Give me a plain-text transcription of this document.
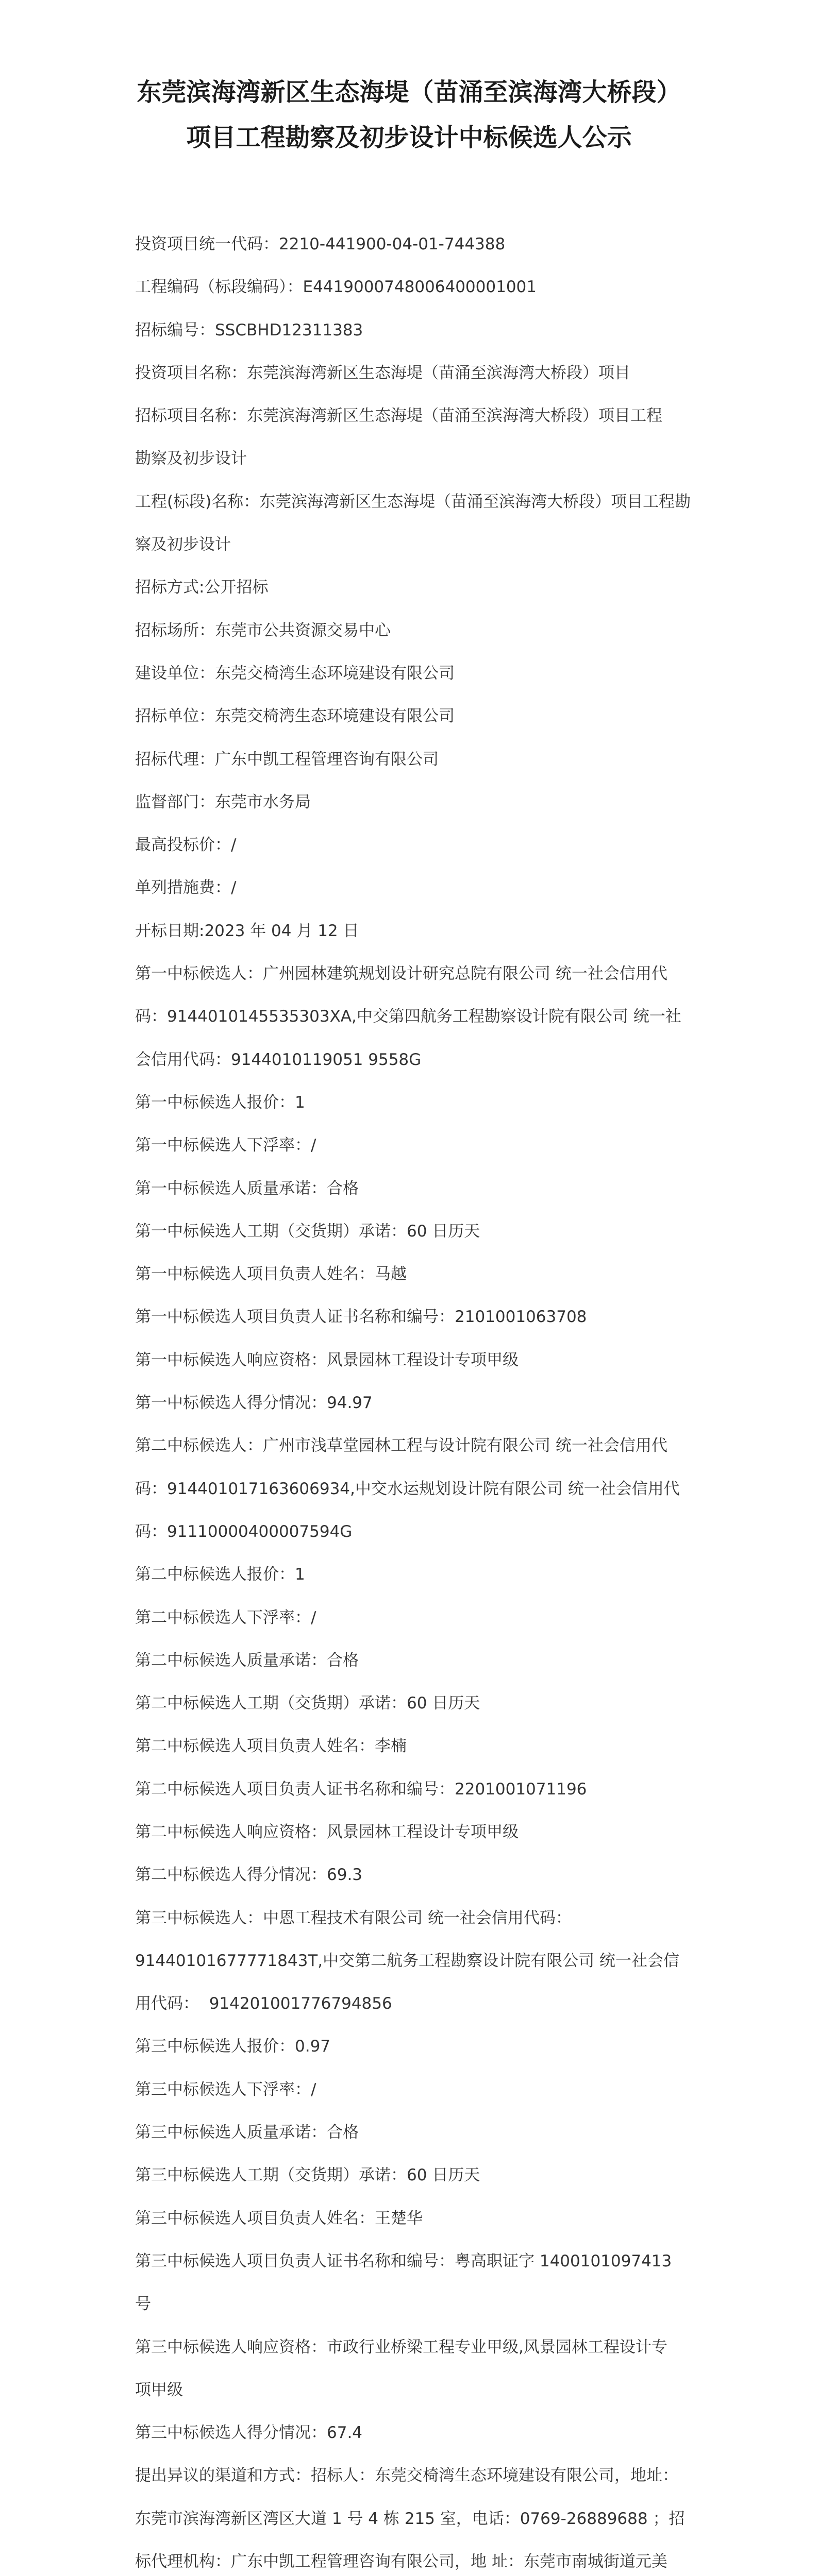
东莞滨海湾新区生态海堤（苗涌至滨海湾大桥段）
项目工程勘察及初步设计中标候选人公示

投资项目统一代码：2210-441900-04-01-744388

工程编码（标段编码）：E4419000748006400001001

招标编号：SSCBHD12311383

投资项目名称：东莞滨海湾新区生态海堤（苗涌至滨海湾大桥段）项目

招标项目名称：东莞滨海湾新区生态海堤（苗涌至滨海湾大桥段）项目工程

勘察及初步设计

工程(标段)名称：东莞滨海湾新区生态海堤（苗涌至滨海湾大桥段）项目工程勘

察及初步设计

招标方式:公开招标

招标场所：东莞市公共资源交易中心

建设单位：东莞交椅湾生态环境建设有限公司

招标单位：东莞交椅湾生态环境建设有限公司

招标代理：广东中凯工程管理咨询有限公司

监督部门：东莞市水务局

最高投标价：/

单列措施费：/

开标日期:2023 年 04 月 12 日

第一中标候选人：广州园林建筑规划设计研究总院有限公司 统一社会信用代

码：9144010145535303XA,中交第四航务工程勘察设计院有限公司 统一社

会信用代码：9144010119051 9558G

第一中标候选人报价：1

第一中标候选人下浮率：/

第一中标候选人质量承诺：合格

第一中标候选人工期（交货期）承诺：60 日历天

第一中标候选人项目负责人姓名：马越

第一中标候选人项目负责人证书名称和编号：2101001063708

第一中标候选人响应资格：风景园林工程设计专项甲级

第一中标候选人得分情况：94.97

第二中标候选人：广州市浅草堂园林工程与设计院有限公司 统一社会信用代

码：914401017163606934,中交水运规划设计院有限公司 统一社会信用代

码：91110000400007594G

第二中标候选人报价：1

第二中标候选人下浮率：/

第二中标候选人质量承诺：合格

第二中标候选人工期（交货期）承诺：60 日历天

第二中标候选人项目负责人姓名：李楠

第二中标候选人项目负责人证书名称和编号：2201001071196

第二中标候选人响应资格：风景园林工程设计专项甲级

第二中标候选人得分情况：69.3

第三中标候选人：中恩工程技术有限公司 统一社会信用代码：

91440101677771843T,中交第二航务工程勘察设计院有限公司 统一社会信

用代码：  914201001776794856

第三中标候选人报价：0.97

第三中标候选人下浮率：/

第三中标候选人质量承诺：合格

第三中标候选人工期（交货期）承诺：60 日历天

第三中标候选人项目负责人姓名：王楚华

第三中标候选人项目负责人证书名称和编号：粤高职证字 1400101097413

号

第三中标候选人响应资格：市政行业桥梁工程专业甲级,风景园林工程设计专

项甲级

第三中标候选人得分情况：67.4

提出异议的渠道和方式：招标人：东莞交椅湾生态环境建设有限公司，地址：

东莞市滨海湾新区湾区大道 1 号 4 栋 215 室，电话：0769-26889688 ；招

标代理机构：广东中凯工程管理咨询有限公司，地 址：东莞市南城街道元美
